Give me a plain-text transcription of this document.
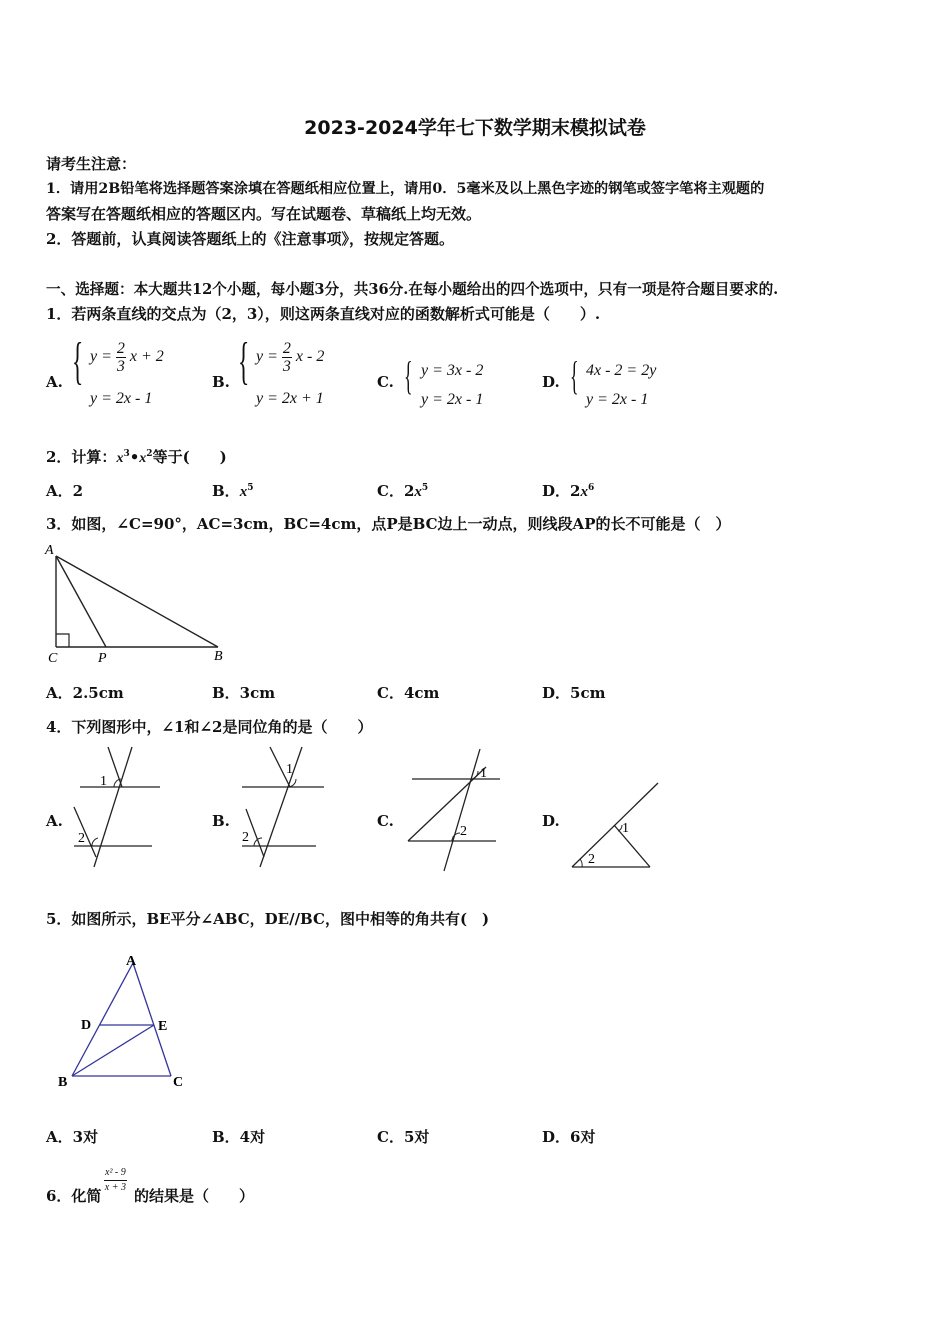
2023-2024学年七下数学期末模拟试卷
请考生注意：
1．请用2B铅笔将选择题答案涂填在答题纸相应位置上，请用0．5毫米及以上黑色字迹的钢笔或签字笔将主观题的
答案写在答题纸相应的答题区内。写在试题卷、草稿纸上均无效。
2．答题前，认真阅读答题纸上的《注意事项》，按规定答题。
一、选择题：本大题共12个小题，每小题3分，共36分.在每小题给出的四个选项中，只有一项是符合题目要求的.
1．若两条直线的交点为（2，3），则这两条直线对应的函数解析式可能是（　　）.
A. { $y = \frac{2}{3}$ x + 2
y = 2x - 1
B. { $y = \frac{2}{3}$ x - 2
y = 2x + 1
C. { y = 3x - 2
y = 2x - 1
D. { 4x - 2 = 2y
y = 2x - 1
2．计算：$x^3•x^2$等于(　　)
A．2	B．$x^5$	C．$2x^5$	D．$2x^6$
3．如图，∠C=90°，AC=3cm，BC=4cm，点P是BC边上一动点，则线段AP的长不可能是（　）
A
C	P	B
A．2.5cm	B．3cm	C．4cm	D．5cm
4．下列图形中，∠1和∠2是同位角的是（　　）
A.
1
2
B.
1
2
C.
1
2
D.	1
2
5．如图所示，BE平分∠ABC，DE//BC，图中相等的角共有(　)
A
D	E
B	C
A．3对	B．4对	C．5对	D．6对
6．化简
$\frac{\text{x² - 9}}{x + 3}$
的结果是（　　）
